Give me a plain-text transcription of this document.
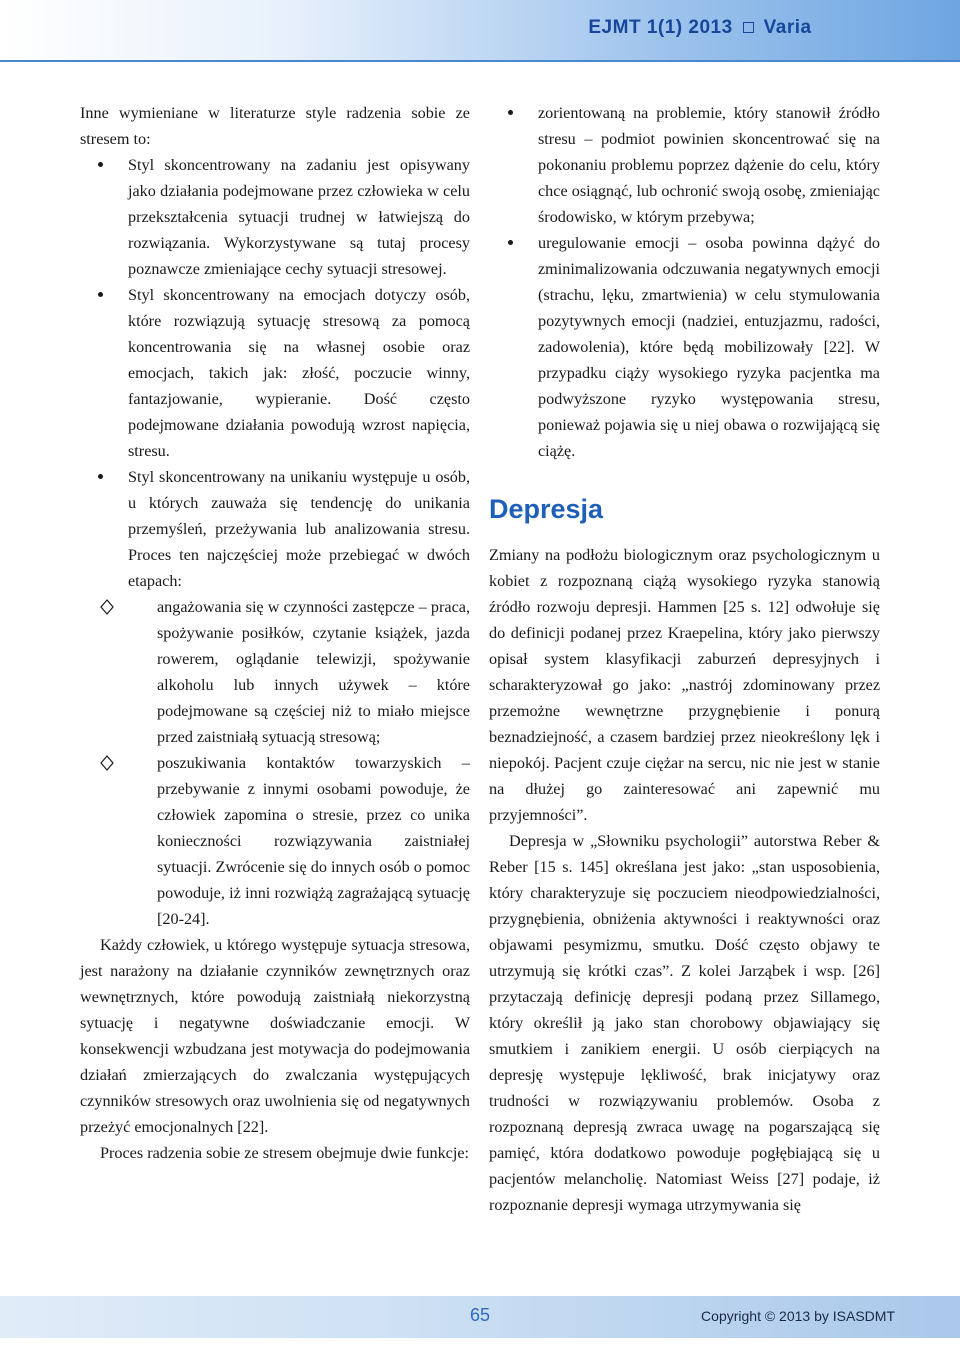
EJMT 1(1) 2013 Varia

Inne wymieniane w literaturze style radzenia sobie ze stresem to:

Styl skoncentrowany na zadaniu jest opisywany jako działania podejmowane przez człowieka w celu przekształcenia sytuacji trudnej w łatwiejszą do rozwiązania. Wykorzystywane są tutaj procesy poznawcze zmieniające cechy sytuacji stresowej.

Styl skoncentrowany na emocjach dotyczy osób, które rozwiązują sytuację stresową za pomocą koncentrowania się na własnej osobie oraz emocjach, takich jak: złość, poczucie winny, fantazjowanie, wypieranie. Dość często podejmowane działania powodują wzrost napięcia, stresu.

Styl skoncentrowany na unikaniu występuje u osób, u których zauważa się tendencję do unikania przemyśleń, przeżywania lub analizowania stresu. Proces ten najczęściej może przebiegać w dwóch etapach:

angażowania się w czynności zastępcze – praca, spożywanie posiłków, czytanie książek, jazda rowerem, oglądanie telewizji, spożywanie alkoholu lub innych używek – które podejmowane są częściej niż to miało miejsce przed zaistniałą sytuacją stresową;

poszukiwania kontaktów towarzyskich – przebywanie z innymi osobami powoduje, że człowiek zapomina o stresie, przez co unika konieczności rozwiązywania zaistniałej sytuacji. Zwrócenie się do innych osób o pomoc powoduje, iż inni rozwiążą zagrażającą sytuację [20-24].

Każdy człowiek, u którego występuje sytuacja stresowa, jest narażony na działanie czynników zewnętrznych oraz wewnętrznych, które powodują zaistniałą niekorzystną sytuację i negatywne doświadczanie emocji. W konsekwencji wzbudzana jest motywacja do podejmowania działań zmierzających do zwalczania występujących czynników stresowych oraz uwolnienia się od negatywnych przeżyć emocjonalnych [22].

Proces radzenia sobie ze stresem obejmuje dwie funkcje:

zorientowaną na problemie, który stanowił źródło stresu – podmiot powinien skoncentrować się na pokonaniu problemu poprzez dążenie do celu, który chce osiągnąć, lub ochronić swoją osobę, zmieniając środowisko, w którym przebywa;

uregulowanie emocji – osoba powinna dążyć do zminimalizowania odczuwania negatywnych emocji (strachu, lęku, zmartwienia) w celu stymulowania pozytywnych emocji (nadziei, entuzjazmu, radości, zadowolenia), które będą mobilizowały [22]. W przypadku ciąży wysokiego ryzyka pacjentka ma podwyższone ryzyko występowania stresu, ponieważ pojawia się u niej obawa o rozwijającą się ciążę.

Depresja

Zmiany na podłożu biologicznym oraz psychologicznym u kobiet z rozpoznaną ciążą wysokiego ryzyka stanowią źródło rozwoju depresji. Hammen [25 s. 12] odwołuje się do definicji podanej przez Kraepelina, który jako pierwszy opisał system klasyfikacji zaburzeń depresyjnych i scharakteryzował go jako: „nastrój zdominowany przez przemożne wewnętrzne przygnębienie i ponurą beznadziejność, a czasem bardziej przez nieokreślony lęk i niepokój. Pacjent czuje ciężar na sercu, nic nie jest w stanie na dłużej go zainteresować ani zapewnić mu przyjemności”.

Depresja w „Słowniku psychologii” autorstwa Reber & Reber [15 s. 145] określana jest jako: „stan usposobienia, który charakteryzuje się poczuciem nieodpowiedzialności, przygnębienia, obniżenia aktywności i reaktywności oraz objawami pesymizmu, smutku. Dość często objawy te utrzymują się krótki czas”. Z kolei Jarząbek i wsp. [26] przytaczają definicję depresji podaną przez Sillamego, który określił ją jako stan chorobowy objawiający się smutkiem i zanikiem energii. U osób cierpiących na depresję występuje lękliwość, brak inicjatywy oraz trudności w rozwiązywaniu problemów. Osoba z rozpoznaną depresją zwraca uwagę na pogarszającą się pamięć, która dodatkowo powoduje pogłębiającą się u pacjentów melancholię. Natomiast Weiss [27] podaje, iż rozpoznanie depresji wymaga utrzymywania się

65	Copyright © 2013 by ISASDMT
